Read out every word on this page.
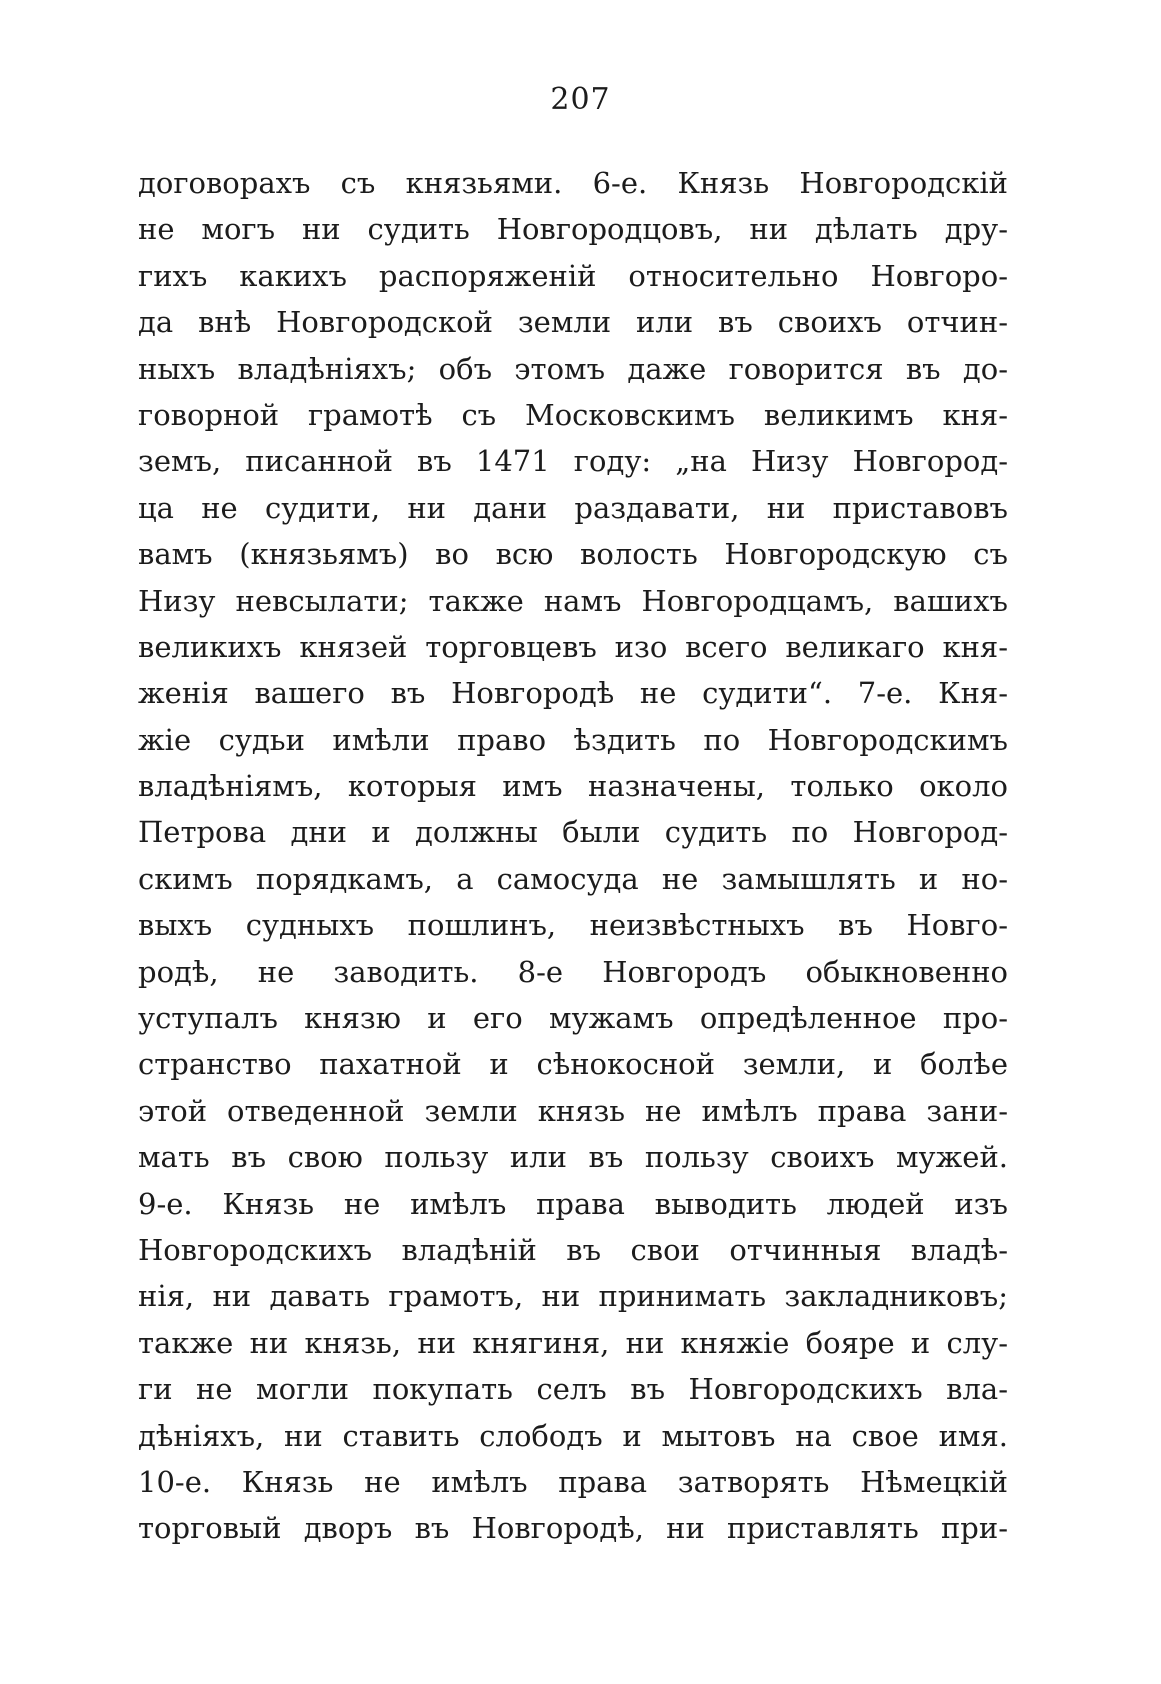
207
договорахъ съ князьями. 6-е. Князь Новгородскій
не могъ ни судить Новгородцовъ, ни дѣлать дру-
гихъ какихъ распоряженій относительно Новгоро-
да внѣ Новгородской земли или въ своихъ отчин-
ныхъ владѣніяхъ; объ этомъ даже говорится въ до-
говорной грамотѣ съ Московскимъ великимъ кня-
земъ, писанной въ 1471 году: „на Низу Новгород-
ца не судити, ни дани раздавати, ни приставовъ
вамъ (князьямъ) во всю волость Новгородскую съ
Низу невсылати; также намъ Новгородцамъ, вашихъ
великихъ князей торговцевъ изо всего великаго кня-
женія вашего въ Новгородѣ не судити“. 7-е. Кня-
жіе судьи имѣли право ѣздить по Новгородскимъ
владѣніямъ, которыя имъ назначены, только около
Петрова дни и должны были судить по Новгород-
скимъ порядкамъ, а самосуда не замышлять и но-
выхъ судныхъ пошлинъ, неизвѣстныхъ въ Новго-
родѣ, не заводить. 8-е Новгородъ обыкновенно
уступалъ князю и его мужамъ опредѣленное про-
странство пахатной и сѣнокосной земли, и болѣе
этой отведенной земли князь не имѣлъ права зани-
мать въ свою пользу или въ пользу своихъ мужей.
9-е. Князь не имѣлъ права выводить людей изъ
Новгородскихъ владѣній въ свои отчинныя владѣ-
нія, ни давать грамотъ, ни принимать закладниковъ;
также ни князь, ни княгиня, ни княжіе бояре и слу-
ги не могли покупать селъ въ Новгородскихъ вла-
дѣніяхъ, ни ставить слободъ и мытовъ на свое имя.
10-е. Князь не имѣлъ права затворять Нѣмецкій
торговый дворъ въ Новгородѣ, ни приставлять при-
